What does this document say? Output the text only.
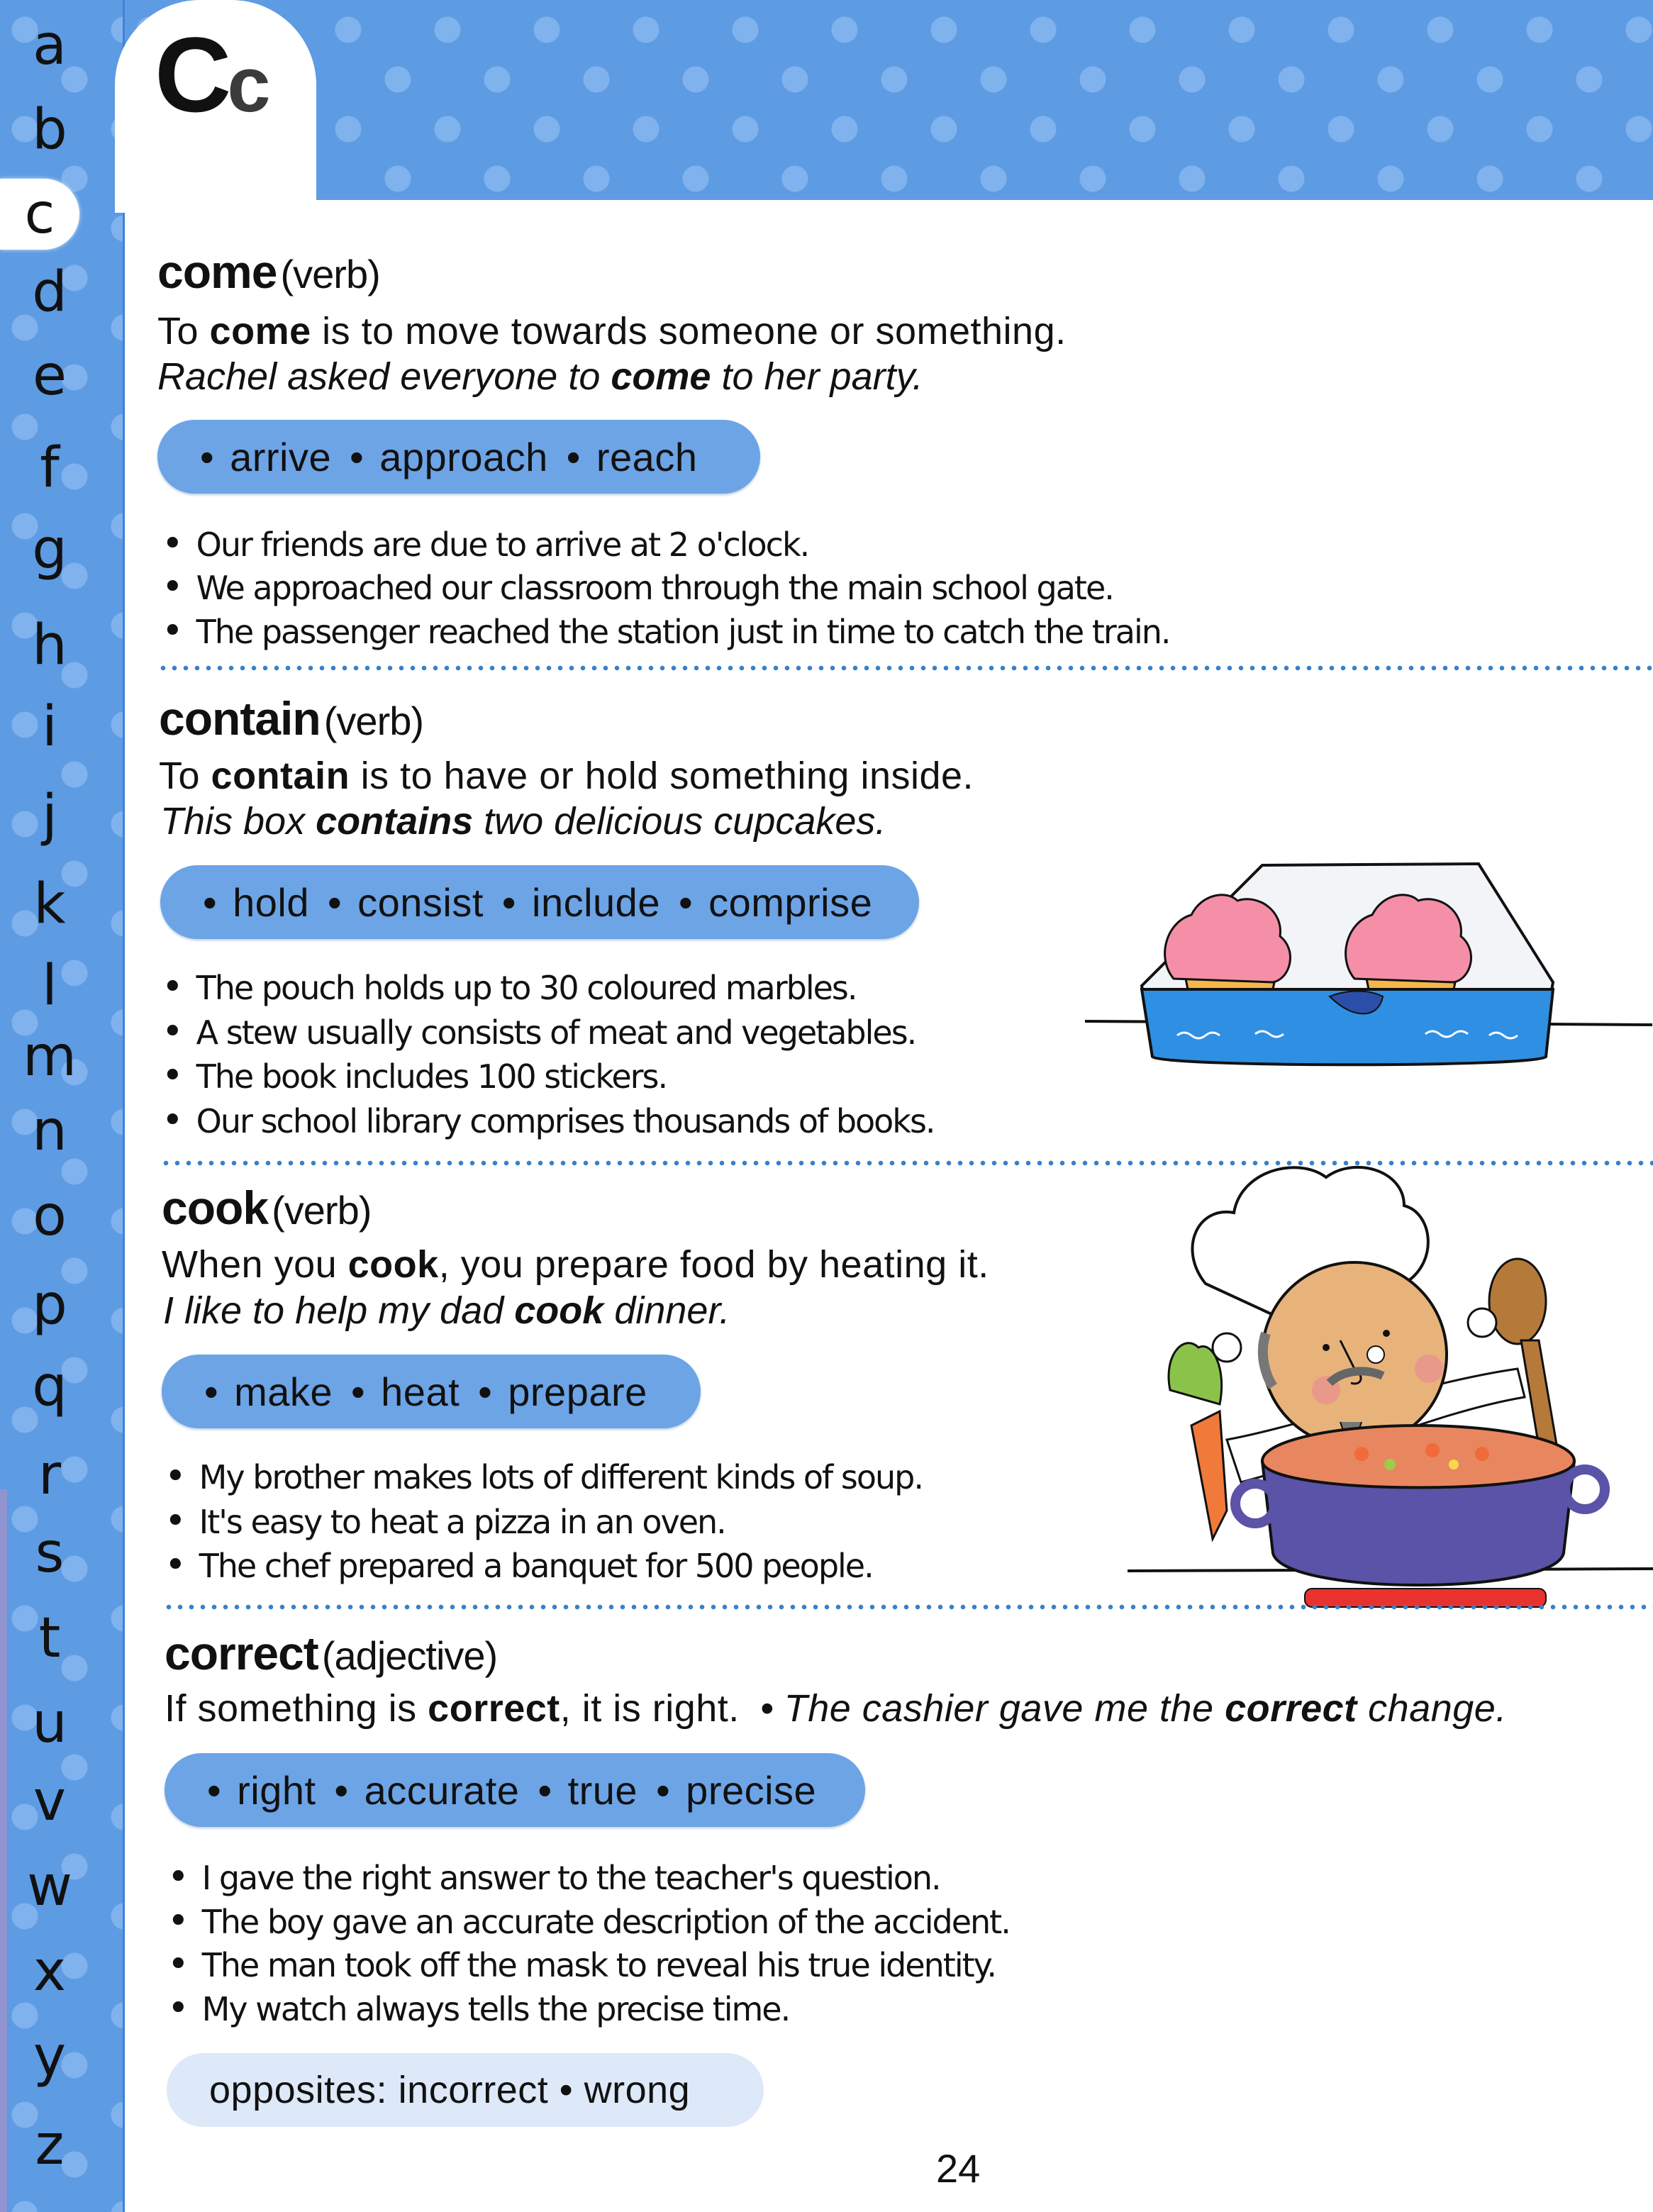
a
b
c
d
e
f
g
h
i
j
k
l
m
n
o
p
q
r
s
t
u
v
w
x
y
z
Cc
come (verb)
To come is to move towards someone or something.
Rachel asked everyone to come to her party.
• arrive	• approach	• reach
• Our friends are due to arrive at 2 o'clock.
• We approached our classroom through the main school gate.
• The passenger reached the station just in time to catch the train.
contain (verb)
To contain is to have or hold something inside.
This box contains two delicious cupcakes.
• hold	• consist	• include	• comprise
• The pouch holds up to 30 coloured marbles.
• A stew usually consists of meat and vegetables.
• The book includes 100 stickers.
• Our school library comprises thousands of books.
cook (verb)
When you cook, you prepare food by heating it.
I like to help my dad cook dinner.
• make	• heat	• prepare
• My brother makes lots of different kinds of soup.
• It's easy to heat a pizza in an oven.
• The chef prepared a banquet for 500 people.
correct (adjective)
If something is correct, it is right. • The cashier gave me the correct change.
• right	• accurate	• true	• precise
• I gave the right answer to the teacher's question.
• The boy gave an accurate description of the accident.
• The man took off the mask to reveal his true identity.
• My watch always tells the precise time.
opposites: incorrect • wrong
24
